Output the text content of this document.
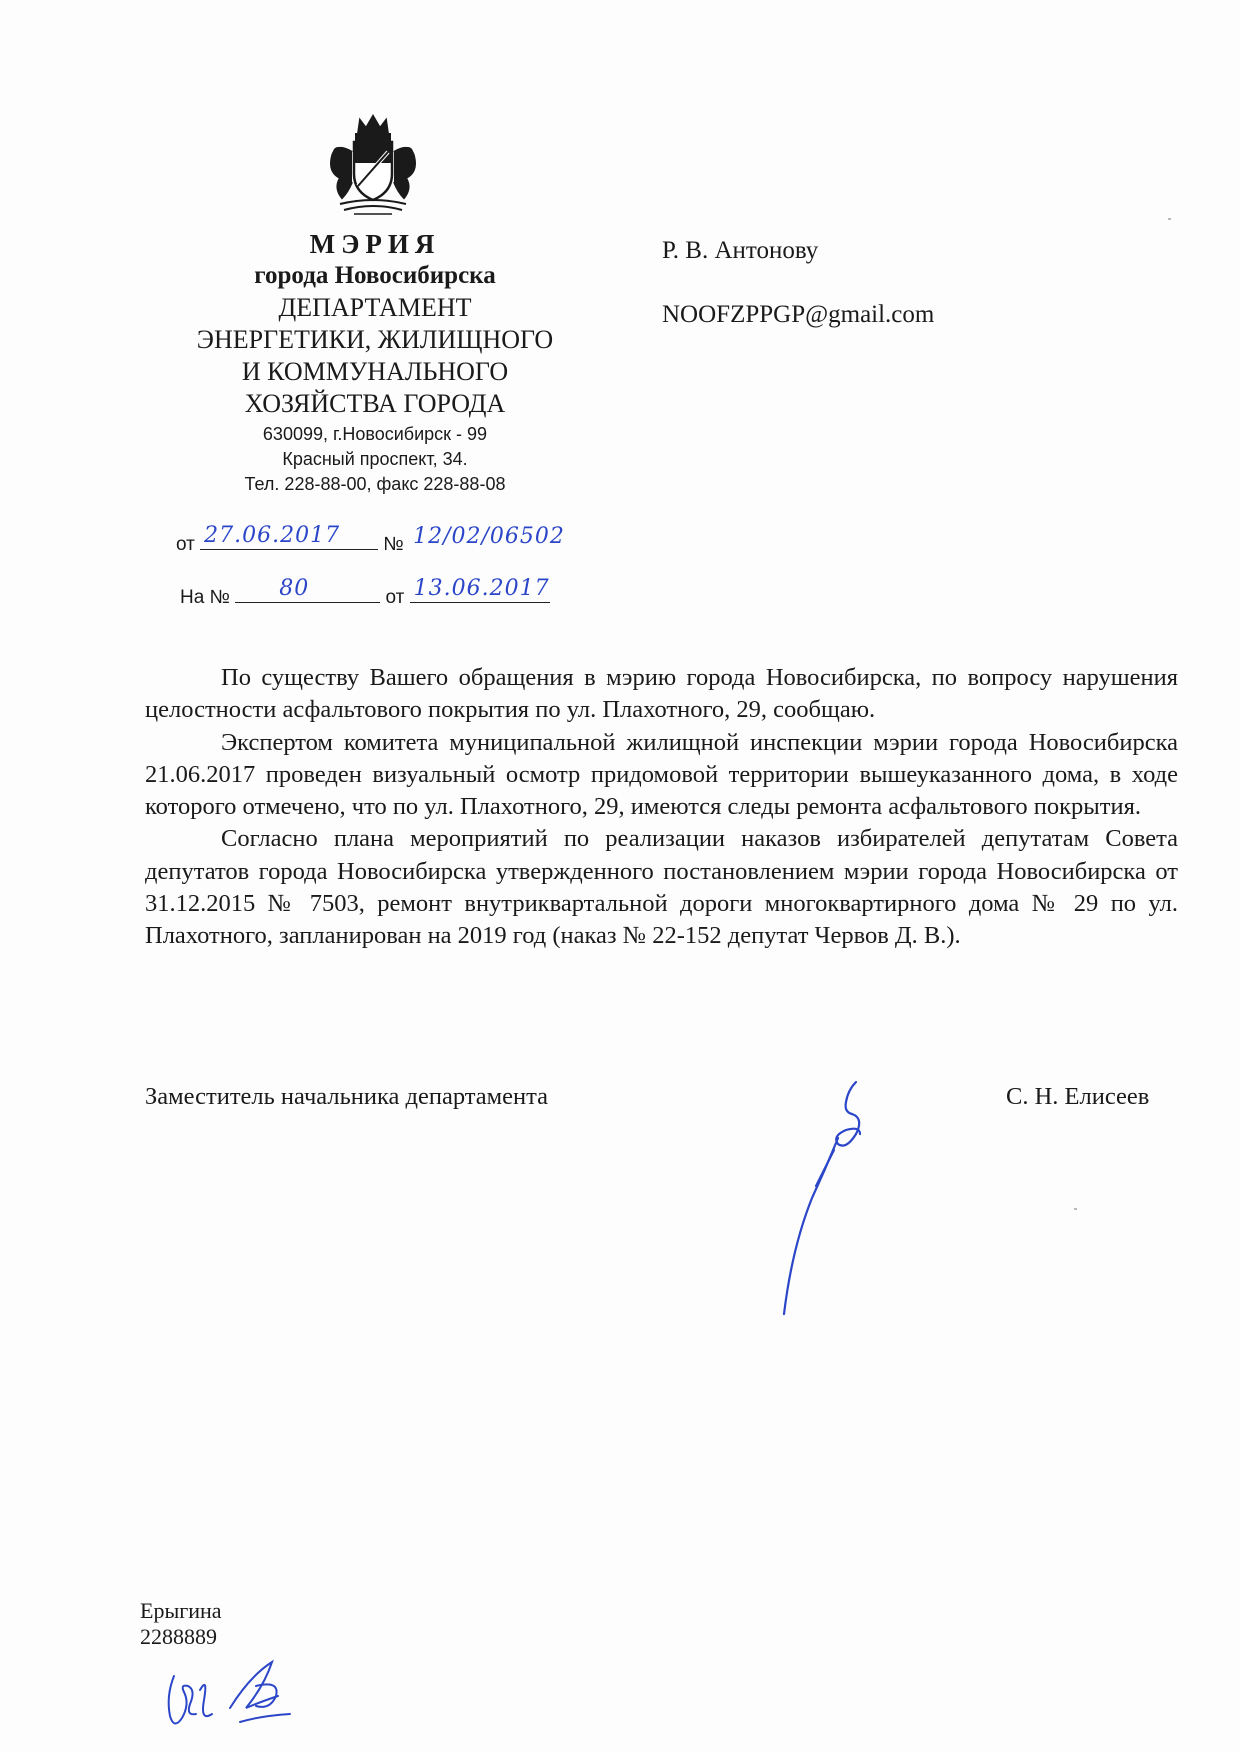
МЭРИЯ
города Новосибирска
ДЕПАРТАМЕНТ
ЭНЕРГЕТИКИ, ЖИЛИЩНОГО
И КОММУНАЛЬНОГО
ХОЗЯЙСТВА ГОРОДА
630099, г.Новосибирск - 99
Красный проспект, 34.
Тел. 228-88-00, факс 228-88-08
от 27.06.2017 № 12/02/06502
На № 80	от 13.06.2017
Р. В. Антонову
NOOFZPPGP@gmail.com

По существу Вашего обращения в мэрию города Новосибирска, по вопросу нарушения целостности асфальтового покрытия по ул. Плахотного, 29, сообщаю.

Экспертом комитета муниципальной жилищной инспекции мэрии города Новосибирска 21.06.2017 проведен визуальный осмотр придомовой территории вышеуказанного дома, в ходе которого отмечено, что по ул. Плахотного, 29, имеются следы ремонта асфальтового покрытия.

Согласно плана мероприятий по реализации наказов избирателей депутатам Совета депутатов города Новосибирска утвержденного постановлением мэрии города Новосибирска от 31.12.2015 № 7503, ремонт внутриквартальной дороги многоквартирного дома № 29 по ул. Плахотного, запланирован на 2019 год (наказ № 22-152 депутат Червов Д. В.).

Заместитель начальника департамента	С. Н. Елисеев
Ерыгина
2288889
